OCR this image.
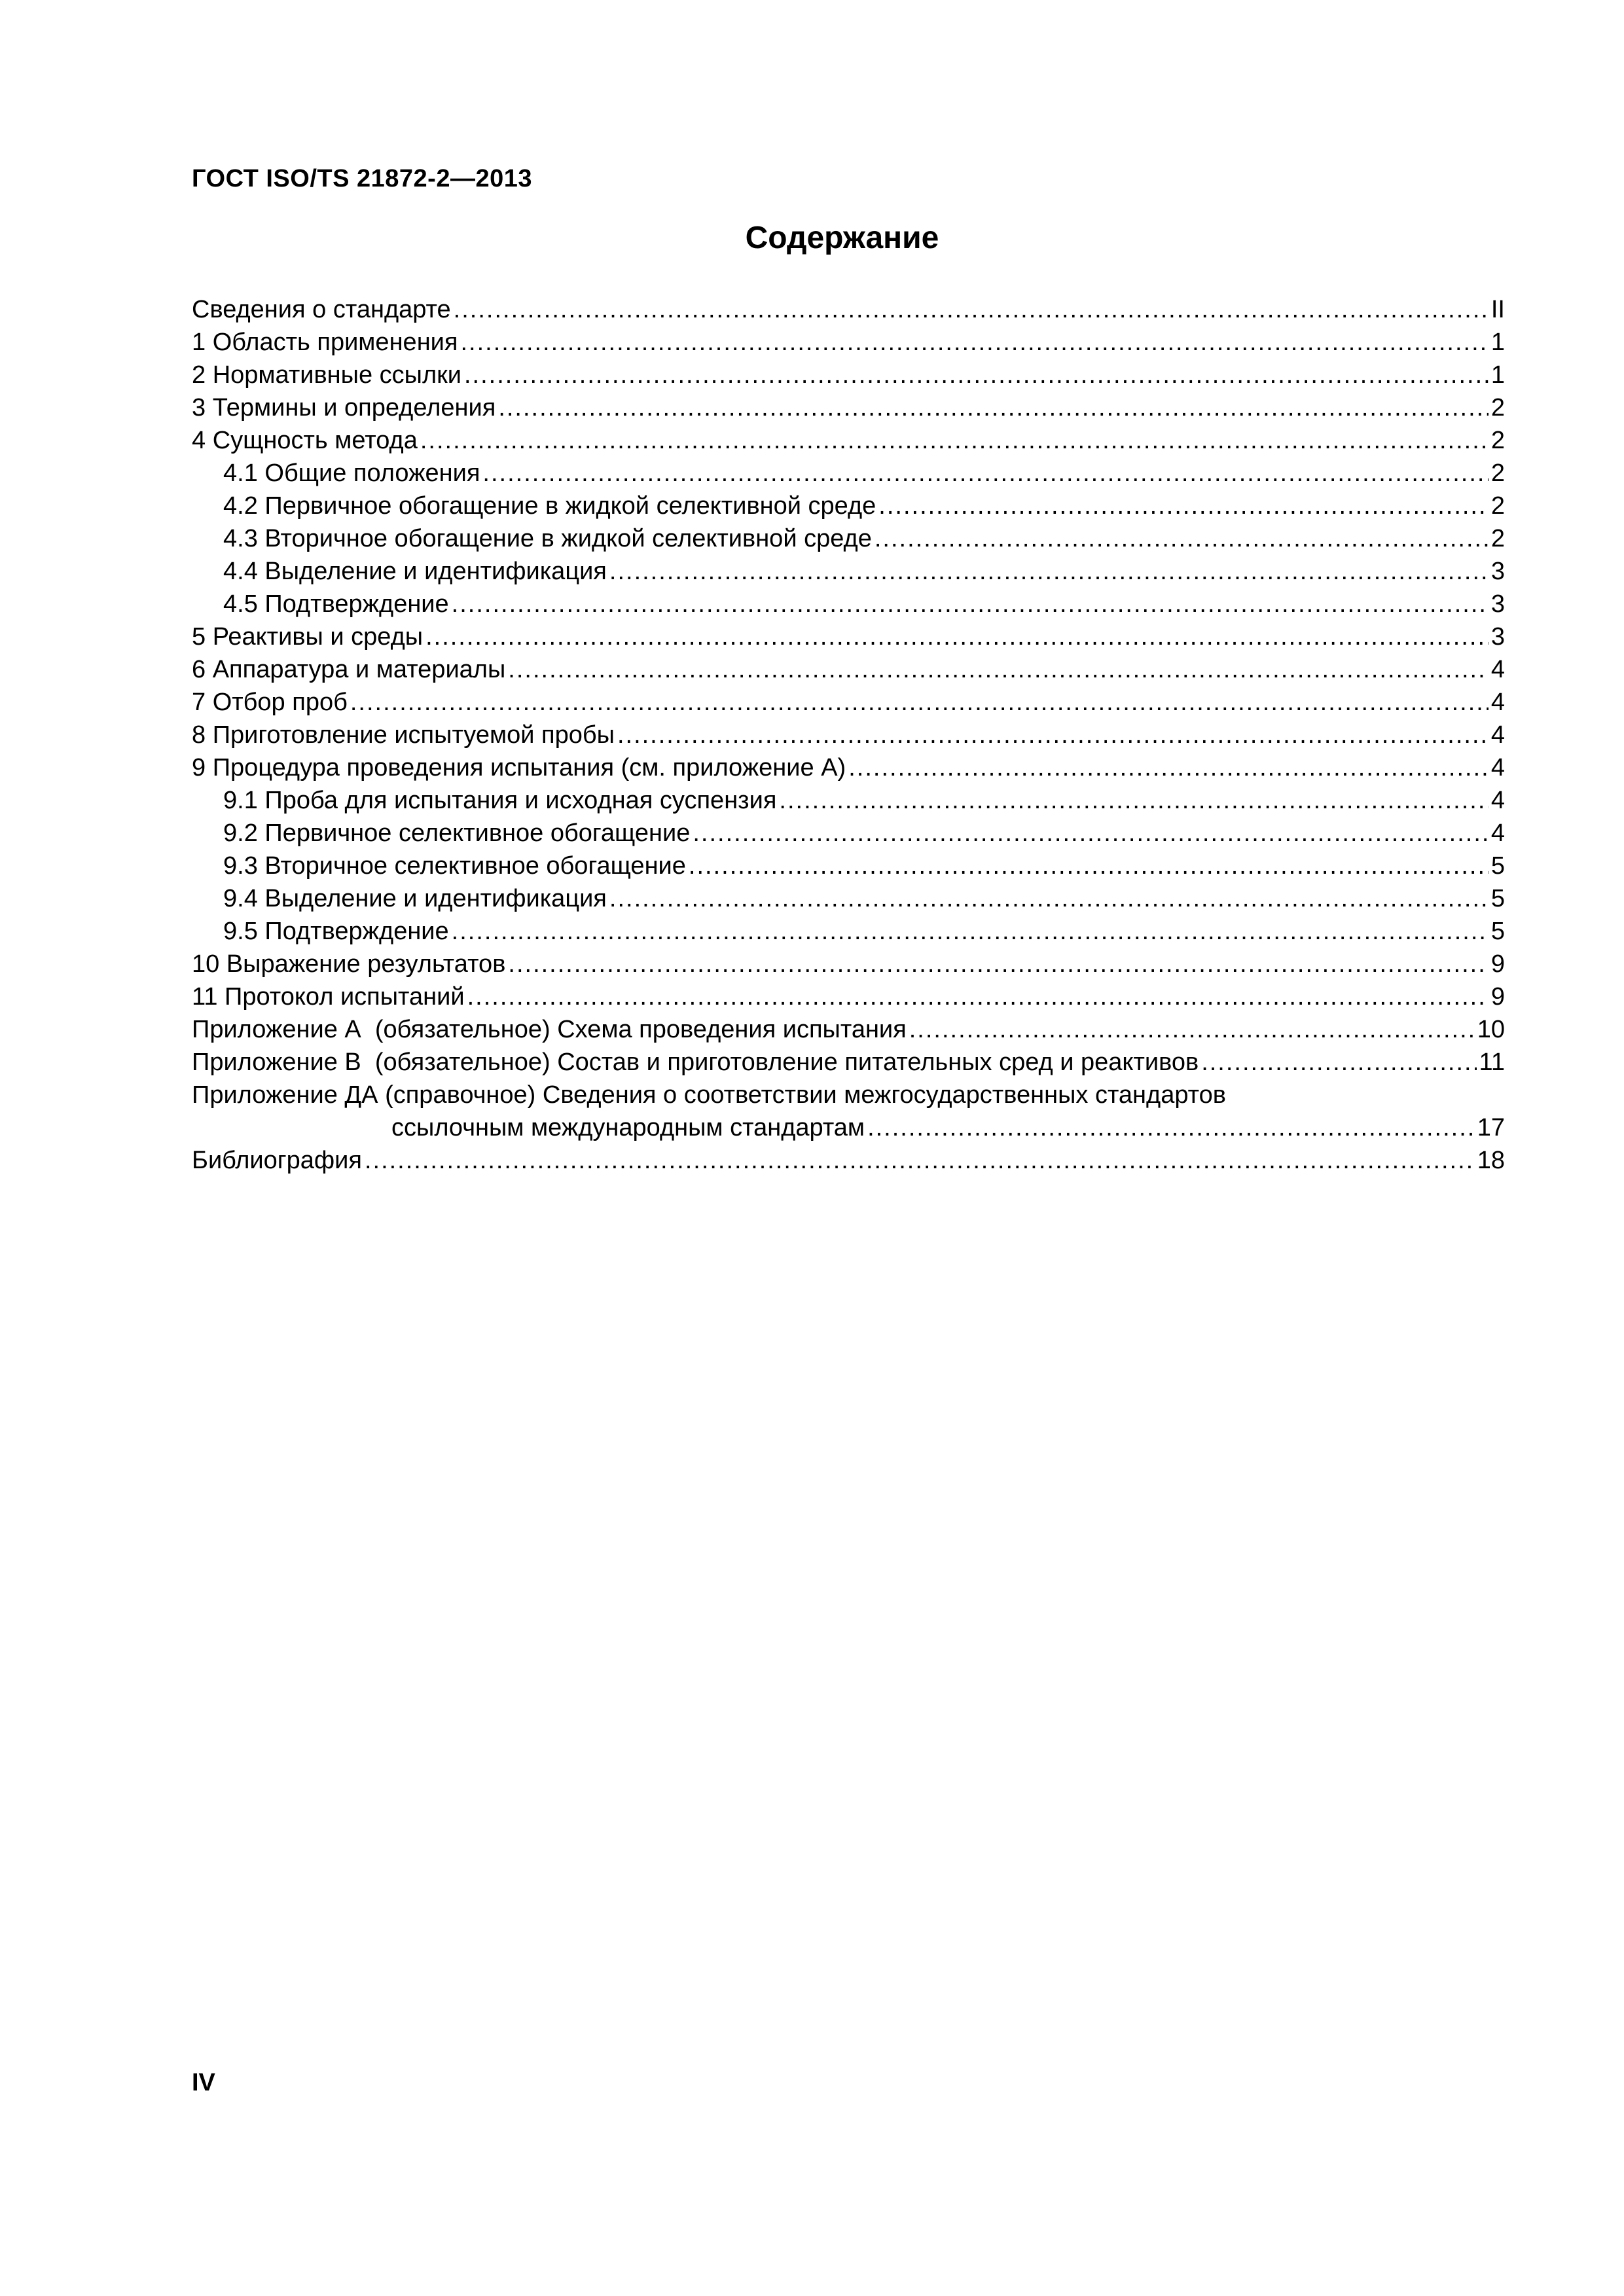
ГОСТ ISO/TS 21872-2—2013
Содержание
Сведения о стандарте .....	II
1 Область применения .....	1
2 Нормативные ссылки .....	1
3 Термины и определения .....	2
4 Сущность метода .....	2
4.1 Общие положения .....	2
4.2 Первичное обогащение в жидкой селективной среде .....	2
4.3 Вторичное обогащение в жидкой селективной среде .....	2
4.4 Выделение и идентификация .....	3
4.5 Подтверждение .....	3
5 Реактивы и среды .....	3
6 Аппаратура и материалы .....	4
7 Отбор проб .....	4
8 Приготовление испытуемой пробы .....	4
9 Процедура проведения испытания (см. приложение А) .....	4
9.1 Проба для испытания и исходная суспензия .....	4
9.2 Первичное селективное обогащение .....	4
9.3 Вторичное селективное обогащение .....	5
9.4 Выделение и идентификация .....	5
9.5 Подтверждение .....	5
10 Выражение результатов .....	9
11 Протокол испытаний .....	9
Приложение А  (обязательное) Схема проведения испытания .....	10
Приложение В  (обязательное) Состав и приготовление питательных сред и реактивов .....	11
Приложение ДА (справочное) Сведения о соответствии межгосударственных стандартов
ссылочным международным стандартам .....	17
Библиография .....	18
IV
